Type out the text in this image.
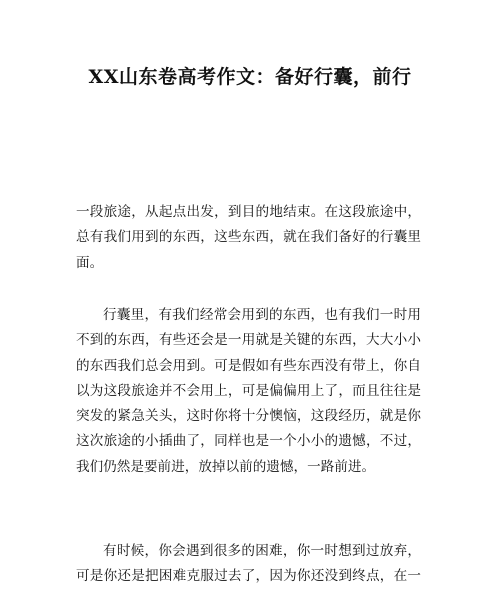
XX山东卷高考作文：备好行囊，前行
一段旅途，从起点出发，到目的地结束。在这段旅途中，
总有我们用到的东西，这些东西，就在我们备好的行囊里
面。
行囊里，有我们经常会用到的东西，也有我们一时用
不到的东西，有些还会是一用就是关键的东西，大大小小
的东西我们总会用到。可是假如有些东西没有带上，你自
以为这段旅途并不会用上，可是偏偏用上了，而且往往是
突发的紧急关头，这时你将十分懊恼，这段经历，就是你
这次旅途的小插曲了，同样也是一个小小的遗憾，不过，
我们仍然是要前进，放掉以前的遗憾，一路前进。
有时候，你会遇到很多的困难，你一时想到过放弃，
可是你还是把困难克服过去了，因为你还没到终点，在一
